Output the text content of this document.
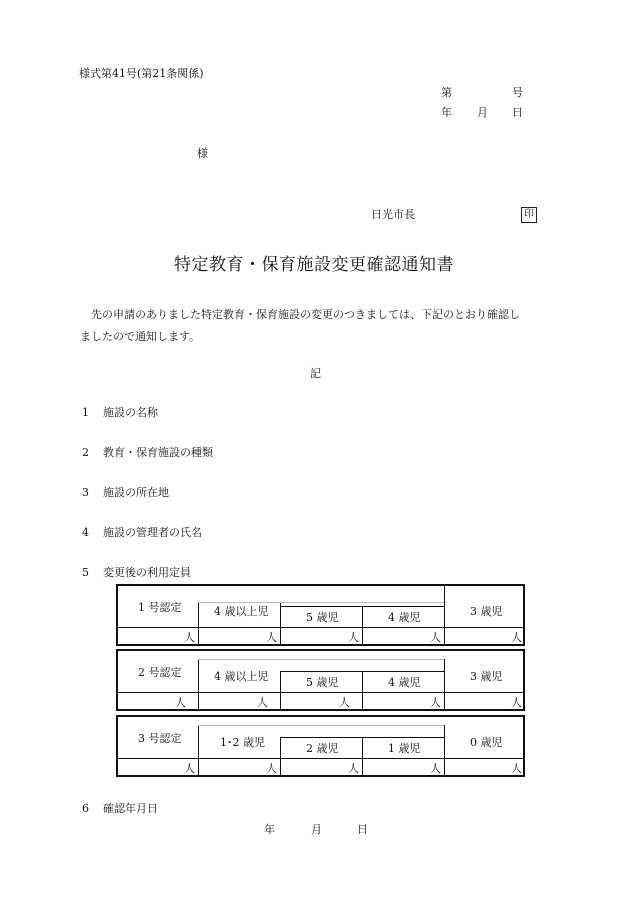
様式第41号(第21条関係)
第	号
年 月 日
様
日光市長	印
特定教育・保育施設変更確認通知書
先の申請のありました特定教育・保育施設の変更のつきましては、下記のとおり確認し
ましたので通知します。
記
1 施設の名称
2 教育・保育施設の種類
3 施設の所在地
4 施設の管理者の氏名
5 変更後の利用定員
1 号認定	4 歳以上児	5 歳児	4 歳児	3 歳児
人	人	人	人	人
2 号認定	4 歳以上児	5 歳児	4 歳児	3 歳児
人	人	人	人	人
3 号認定	1･2 歳児	2 歳児	1 歳児	0 歳児
人	人	人	人	人
6 確認年月日
年	月	日
